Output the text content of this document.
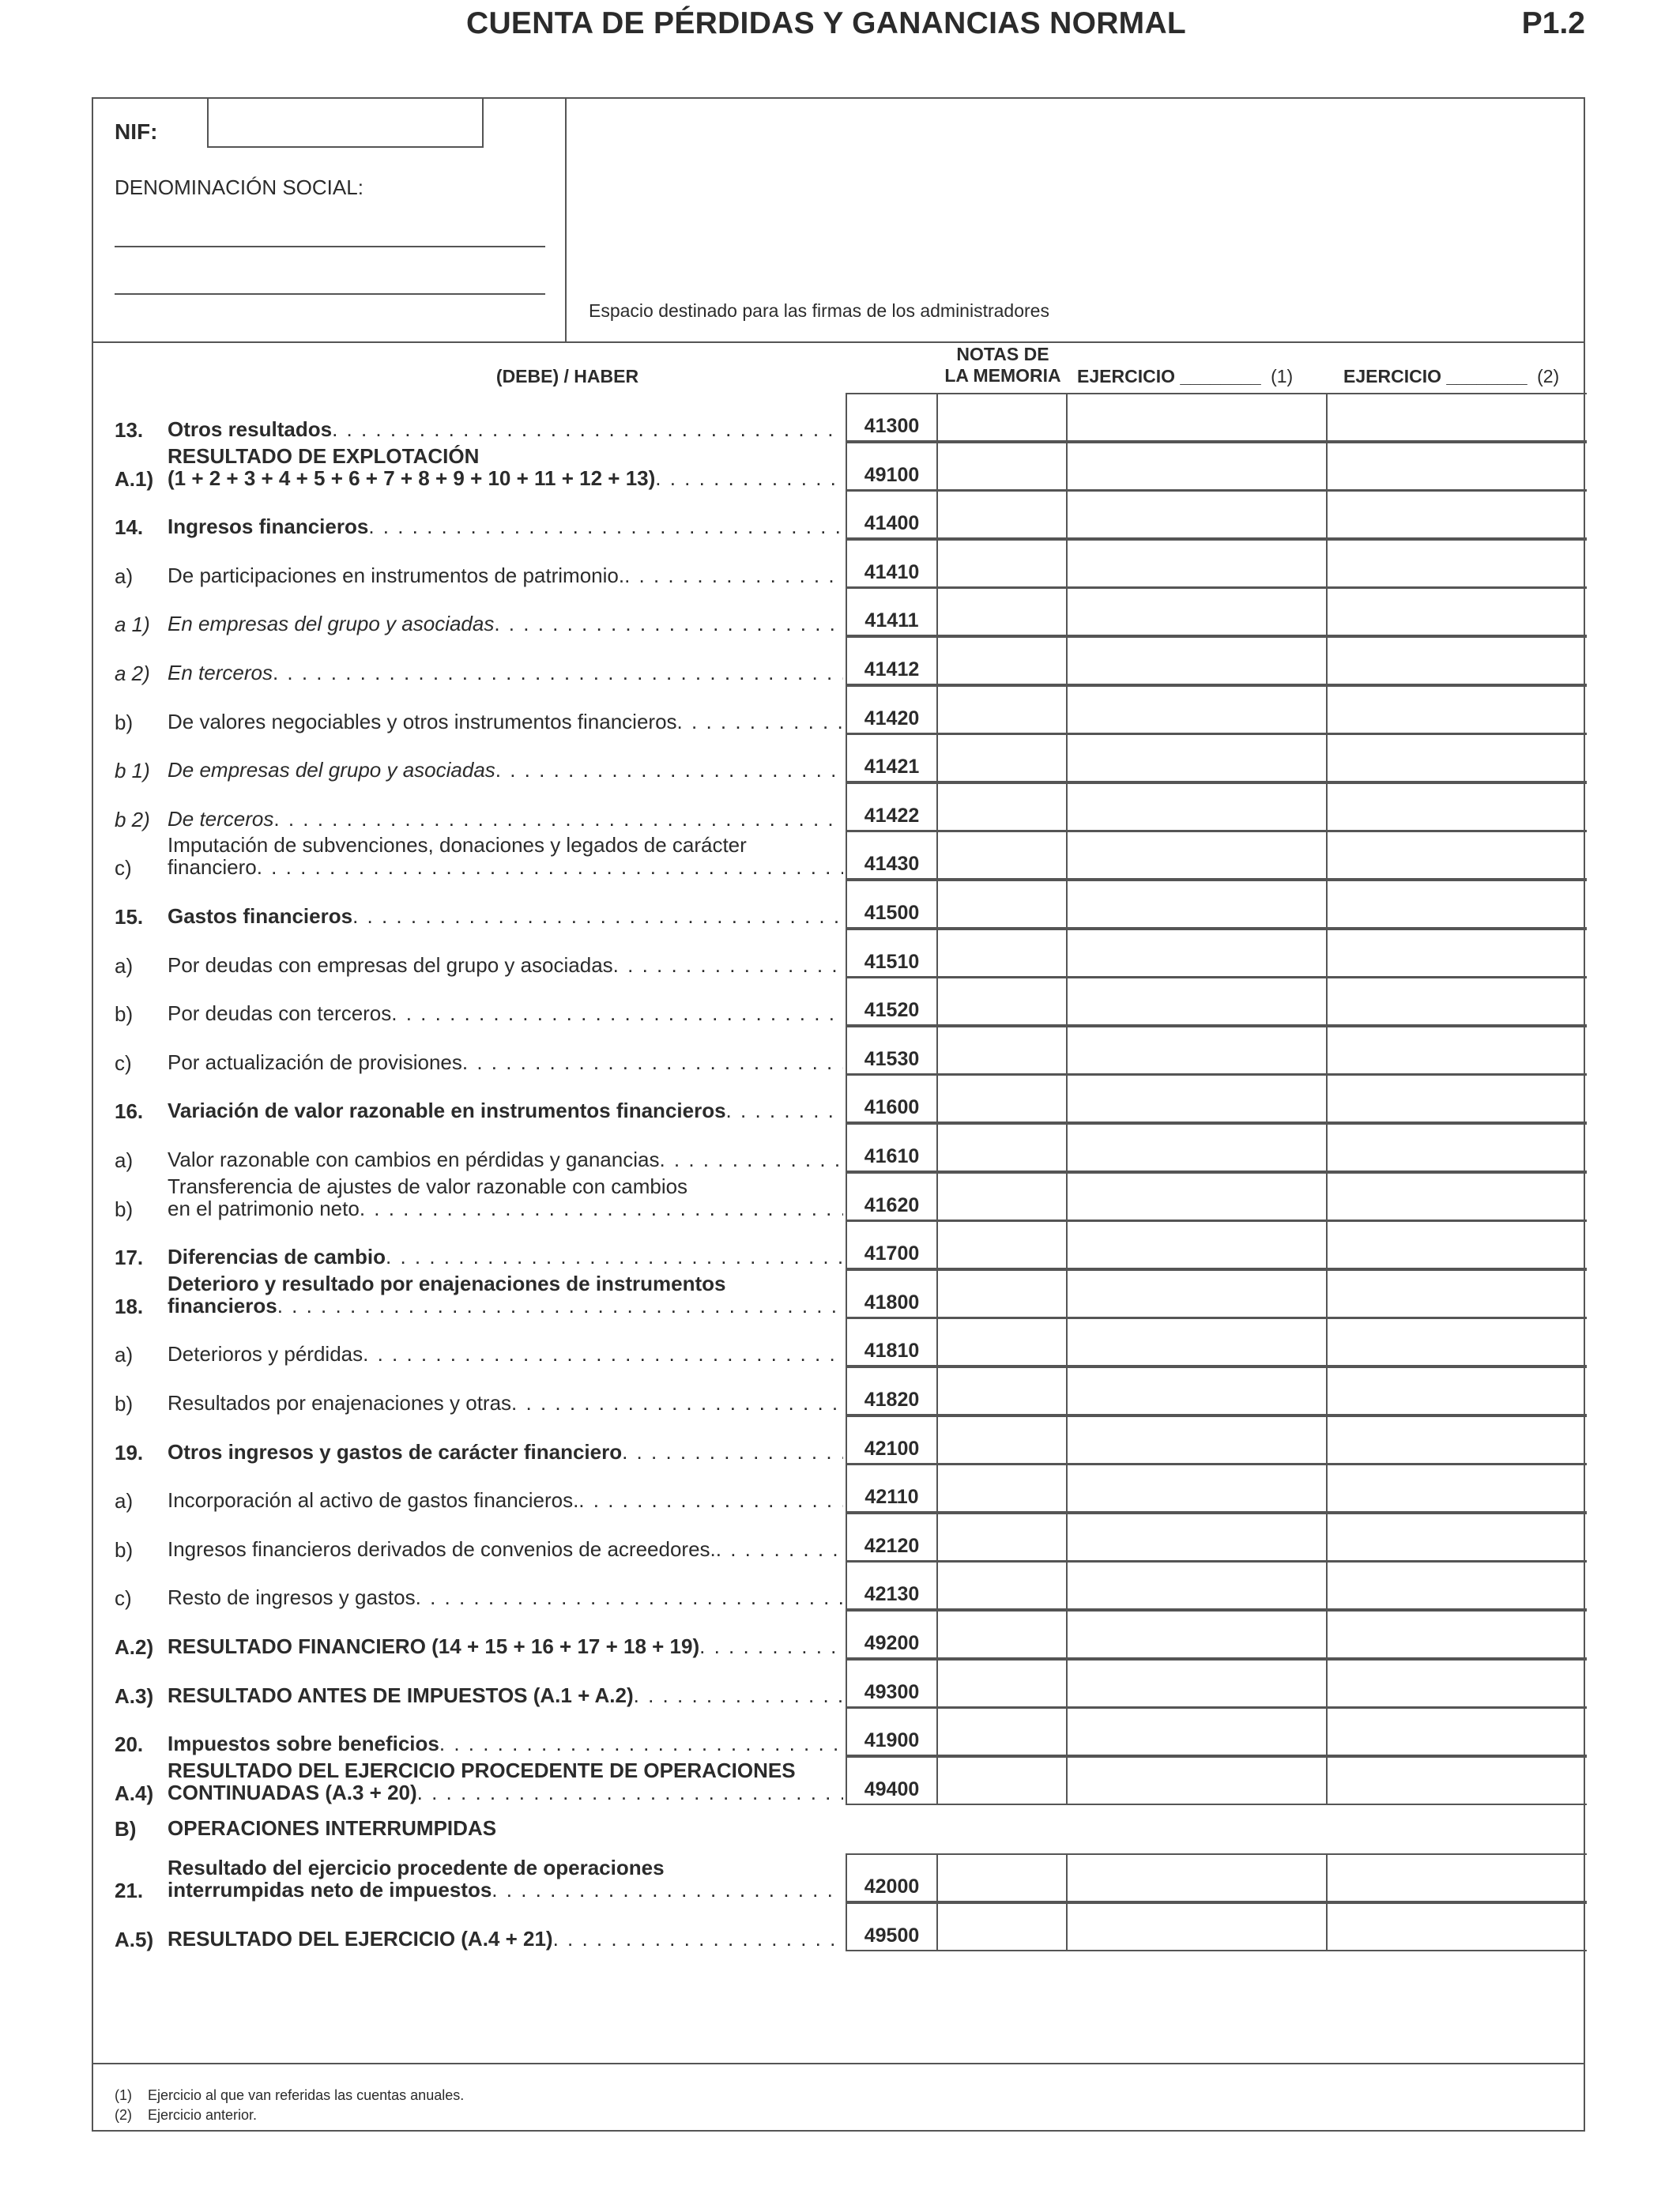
CUENTA DE PÉRDIDAS Y GANANCIAS NORMAL	P1.2
NIF:
DENOMINACIÓN SOCIAL:
Espacio destinado para las firmas de los administradores
(DEBE) / HABER
NOTAS DE
LA MEMORIA EJERCICIO ________ (1)	EJERCICIO ________ (2)
13. Otros resultados . . .	41300
A.1)
RESULTADO DE EXPLOTACIÓN
(1 + 2 + 3 + 4 + 5 + 6 + 7 + 8 + 9 + 10 + 11 + 12 + 13) . . .	49100
14. Ingresos financieros . . .	41400
a) De participaciones en instrumentos de patrimonio. . . .	41410
a 1) En empresas del grupo y asociadas . . .	41411
a 2) En terceros . . .	41412
b) De valores negociables y otros instrumentos financieros . . .	41420
b 1) De empresas del grupo y asociadas . . .	41421
b 2) De terceros . . .	41422
c)
Imputación de subvenciones, donaciones y legados de carácter
financiero . . .	41430
15. Gastos financieros . . .	41500
a) Por deudas con empresas del grupo y asociadas . . .	41510
b) Por deudas con terceros . . .	41520
c) Por actualización de provisiones . . .	41530
16. Variación de valor razonable en instrumentos financieros . . .	41600
a) Valor razonable con cambios en pérdidas y ganancias . . .	41610
b)
Transferencia de ajustes de valor razonable con cambios
en el patrimonio neto . . .	41620
17. Diferencias de cambio . . .	41700
18.
Deterioro y resultado por enajenaciones de instrumentos
financieros . . .	41800
a) Deterioros y pérdidas . . .	41810
b) Resultados por enajenaciones y otras . . .	41820
19. Otros ingresos y gastos de carácter financiero . . .	42100
a) Incorporación al activo de gastos financieros. . . .	42110
b) Ingresos financieros derivados de convenios de acreedores. . . .	42120
c) Resto de ingresos y gastos . . .	42130
A.2) RESULTADO FINANCIERO (14 + 15 + 16 + 17 + 18 + 19) . . .	49200
A.3) RESULTADO ANTES DE IMPUESTOS (A.1 + A.2) . . .	49300
20. Impuestos sobre beneficios . . .	41900
A.4)
RESULTADO DEL EJERCICIO PROCEDENTE DE OPERACIONES
CONTINUADAS (A.3 + 20) . . .	49400
B) OPERACIONES INTERRUMPIDAS
21.
Resultado del ejercicio procedente de operaciones
interrumpidas neto de impuestos . . .	42000
A.5) RESULTADO DEL EJERCICIO (A.4 + 21) . . .	49500
(1) Ejercicio al que van referidas las cuentas anuales.
(2) Ejercicio anterior.
